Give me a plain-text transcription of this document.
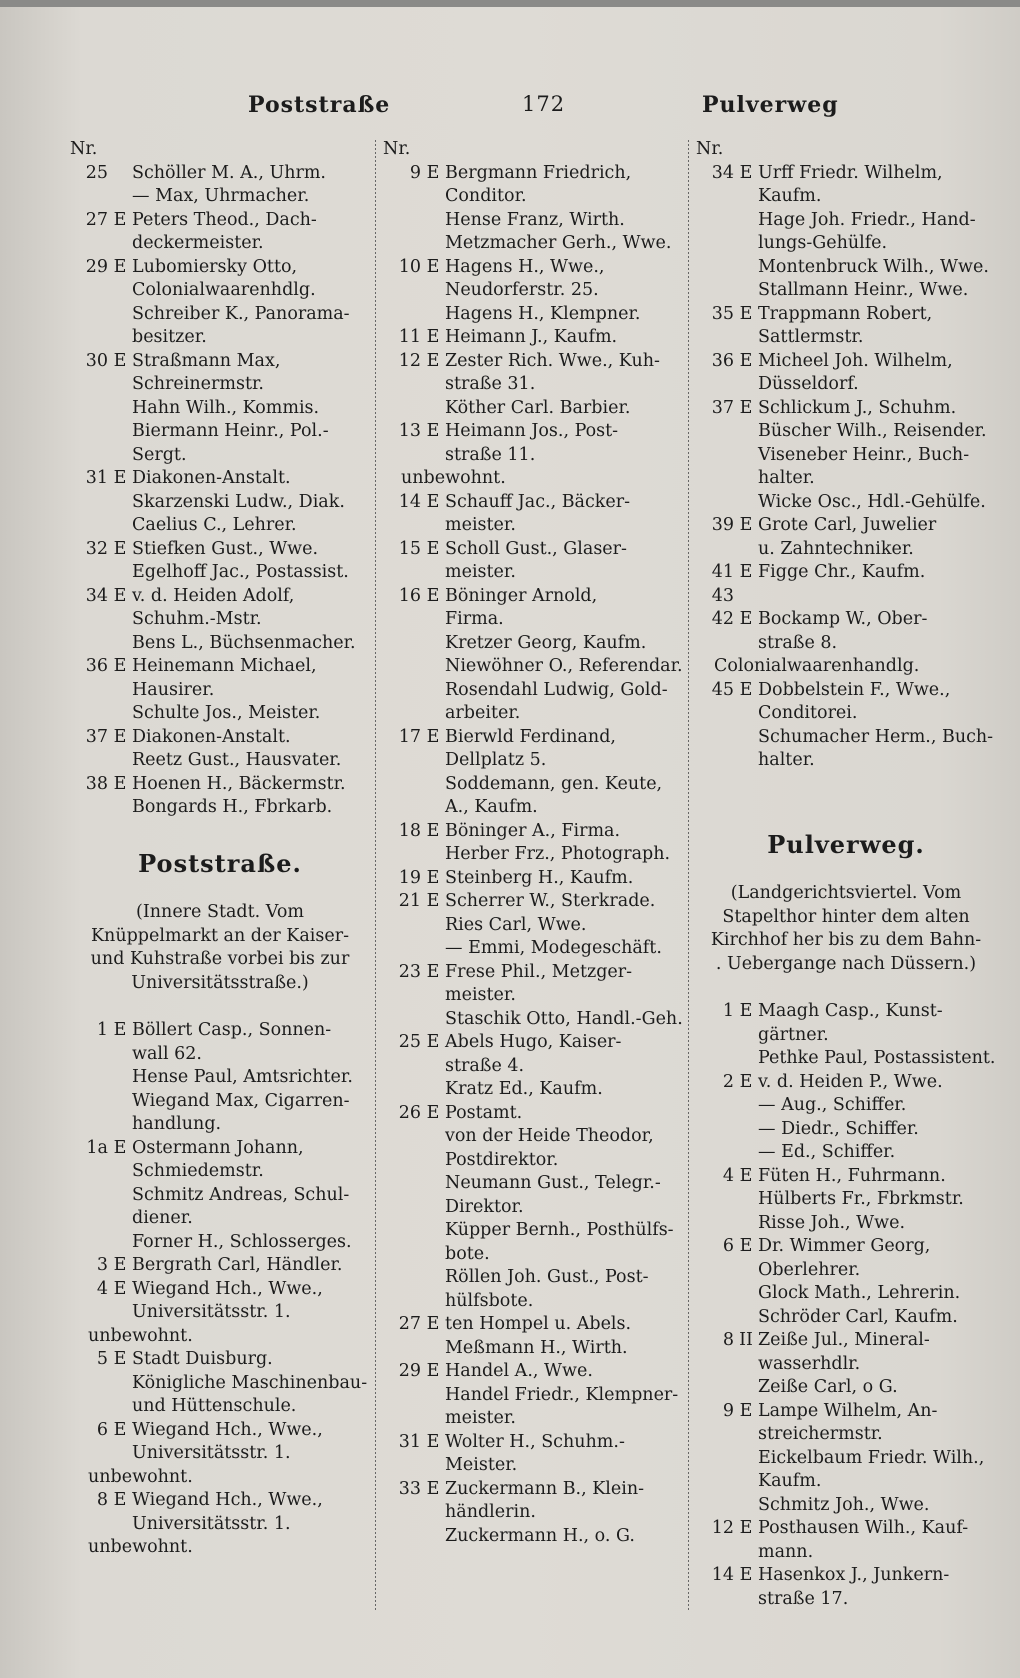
Poststraße	172	Pulverweg
Nr.
25 Schöller M. A., Uhrm.
— Max, Uhrmacher.
27 E Peters Theod., Dach-
deckermeister.
29 E Lubomiersky Otto,
Colonialwaarenhdlg.
Schreiber K., Panorama-
besitzer.
30 E Straßmann Max,
Schreinermstr.
Hahn Wilh., Kommis.
Biermann Heinr., Pol.-
Sergt.
31 E Diakonen-Anstalt.
Skarzenski Ludw., Diak.
Caelius C., Lehrer.
32 E Stiefken Gust., Wwe.
Egelhoff Jac., Postassist.
34 E v. d. Heiden Adolf,
Schuhm.-Mstr.
Bens L., Büchsenmacher.
36 E Heinemann Michael,
Hausirer.
Schulte Jos., Meister.
37 E Diakonen-Anstalt.
Reetz Gust., Hausvater.
38 E Hoenen H., Bäckermstr.
Bongards H., Fbrkarb.
Poststraße.
(Innere Stadt. Vom
Knüppelmarkt an der Kaiser-
und Kuhstraße vorbei bis zur
Universitätsstraße.)
1 E Böllert Casp., Sonnen-
wall 62.
Hense Paul, Amtsrichter.
Wiegand Max, Cigarren-
handlung.
1a E Ostermann Johann,
Schmiedemstr.
Schmitz Andreas, Schul-
diener.
Forner H., Schlosserges.
3 E Bergrath Carl, Händler.
4 E Wiegand Hch., Wwe.,
Universitätsstr. 1.
unbewohnt.
5 E Stadt Duisburg.
Königliche Maschinenbau-
und Hüttenschule.
6 E Wiegand Hch., Wwe.,
Universitätsstr. 1.
unbewohnt.
8 E Wiegand Hch., Wwe.,
Universitätsstr. 1.
unbewohnt.
Nr.
9 E Bergmann Friedrich,
Conditor.
Hense Franz, Wirth.
Metzmacher Gerh., Wwe.
10 E Hagens H., Wwe.,
Neudorferstr. 25.
Hagens H., Klempner.
11 E Heimann J., Kaufm.
12 E Zester Rich. Wwe., Kuh-
straße 31.
Köther Carl. Barbier.
13 E Heimann Jos., Post-
straße 11.
unbewohnt.
14 E Schauff Jac., Bäcker-
meister.
15 E Scholl Gust., Glaser-
meister.
16 E Böninger Arnold,
Firma.
Kretzer Georg, Kaufm.
Niewöhner O., Referendar.
Rosendahl Ludwig, Gold-
arbeiter.
17 E Bierwld Ferdinand,
Dellplatz 5.
Soddemann, gen. Keute,
A., Kaufm.
18 E Böninger A., Firma.
Herber Frz., Photograph.
19 E Steinberg H., Kaufm.
21 E Scherrer W., Sterkrade.
Ries Carl, Wwe.
— Emmi, Modegeschäft.
23 E Frese Phil., Metzger-
meister.
Staschik Otto, Handl.-Geh.
25 E Abels Hugo, Kaiser-
straße 4.
Kratz Ed., Kaufm.
26 E Postamt.
von der Heide Theodor,
Postdirektor.
Neumann Gust., Telegr.-
Direktor.
Küpper Bernh., Posthülfs-
bote.
Röllen Joh. Gust., Post-
hülfsbote.
27 E ten Hompel u. Abels.
Meßmann H., Wirth.
29 E Handel A., Wwe.
Handel Friedr., Klempner-
meister.
31 E Wolter H., Schuhm.-
Meister.
33 E Zuckermann B., Klein-
händlerin.
Zuckermann H., o. G.
Nr.
34 E Urff Friedr. Wilhelm,
Kaufm.
Hage Joh. Friedr., Hand-
lungs-Gehülfe.
Montenbruck Wilh., Wwe.
Stallmann Heinr., Wwe.
35 E Trappmann Robert,
Sattlermstr.
36 E Micheel Joh. Wilhelm,
Düsseldorf.
37 E Schlickum J., Schuhm.
Büscher Wilh., Reisender.
Viseneber Heinr., Buch-
halter.
Wicke Osc., Hdl.-Gehülfe.
39 E Grote Carl, Juwelier
u. Zahntechniker.
41 43
E Figge Chr., Kaufm.
42 E Bockamp W., Ober-
straße 8.
Colonialwaarenhandlg.
45 E Dobbelstein F., Wwe.,
Conditorei.
Schumacher Herm., Buch-
halter.
Pulverweg.
(Landgerichtsviertel. Vom
Stapelthor hinter dem alten
Kirchhof her bis zu dem Bahn-
. Uebergange nach Düssern.)
1 E Maagh Casp., Kunst-
gärtner.
Pethke Paul, Postassistent.
2 E v. d. Heiden P., Wwe.
— Aug., Schiffer.
— Diedr., Schiffer.
— Ed., Schiffer.
4 E Füten H., Fuhrmann.
Hülberts Fr., Fbrkmstr.
Risse Joh., Wwe.
6 E Dr. Wimmer Georg,
Oberlehrer.
Glock Math., Lehrerin.
Schröder Carl, Kaufm.
8 II Zeiße Jul., Mineral-
wasserhdlr.
Zeiße Carl, o G.
9 E Lampe Wilhelm, An-
streichermstr.
Eickelbaum Friedr. Wilh.,
Kaufm.
Schmitz Joh., Wwe.
12 E Posthausen Wilh., Kauf-
mann.
14 E Hasenkox J., Junkern-
straße 17.
